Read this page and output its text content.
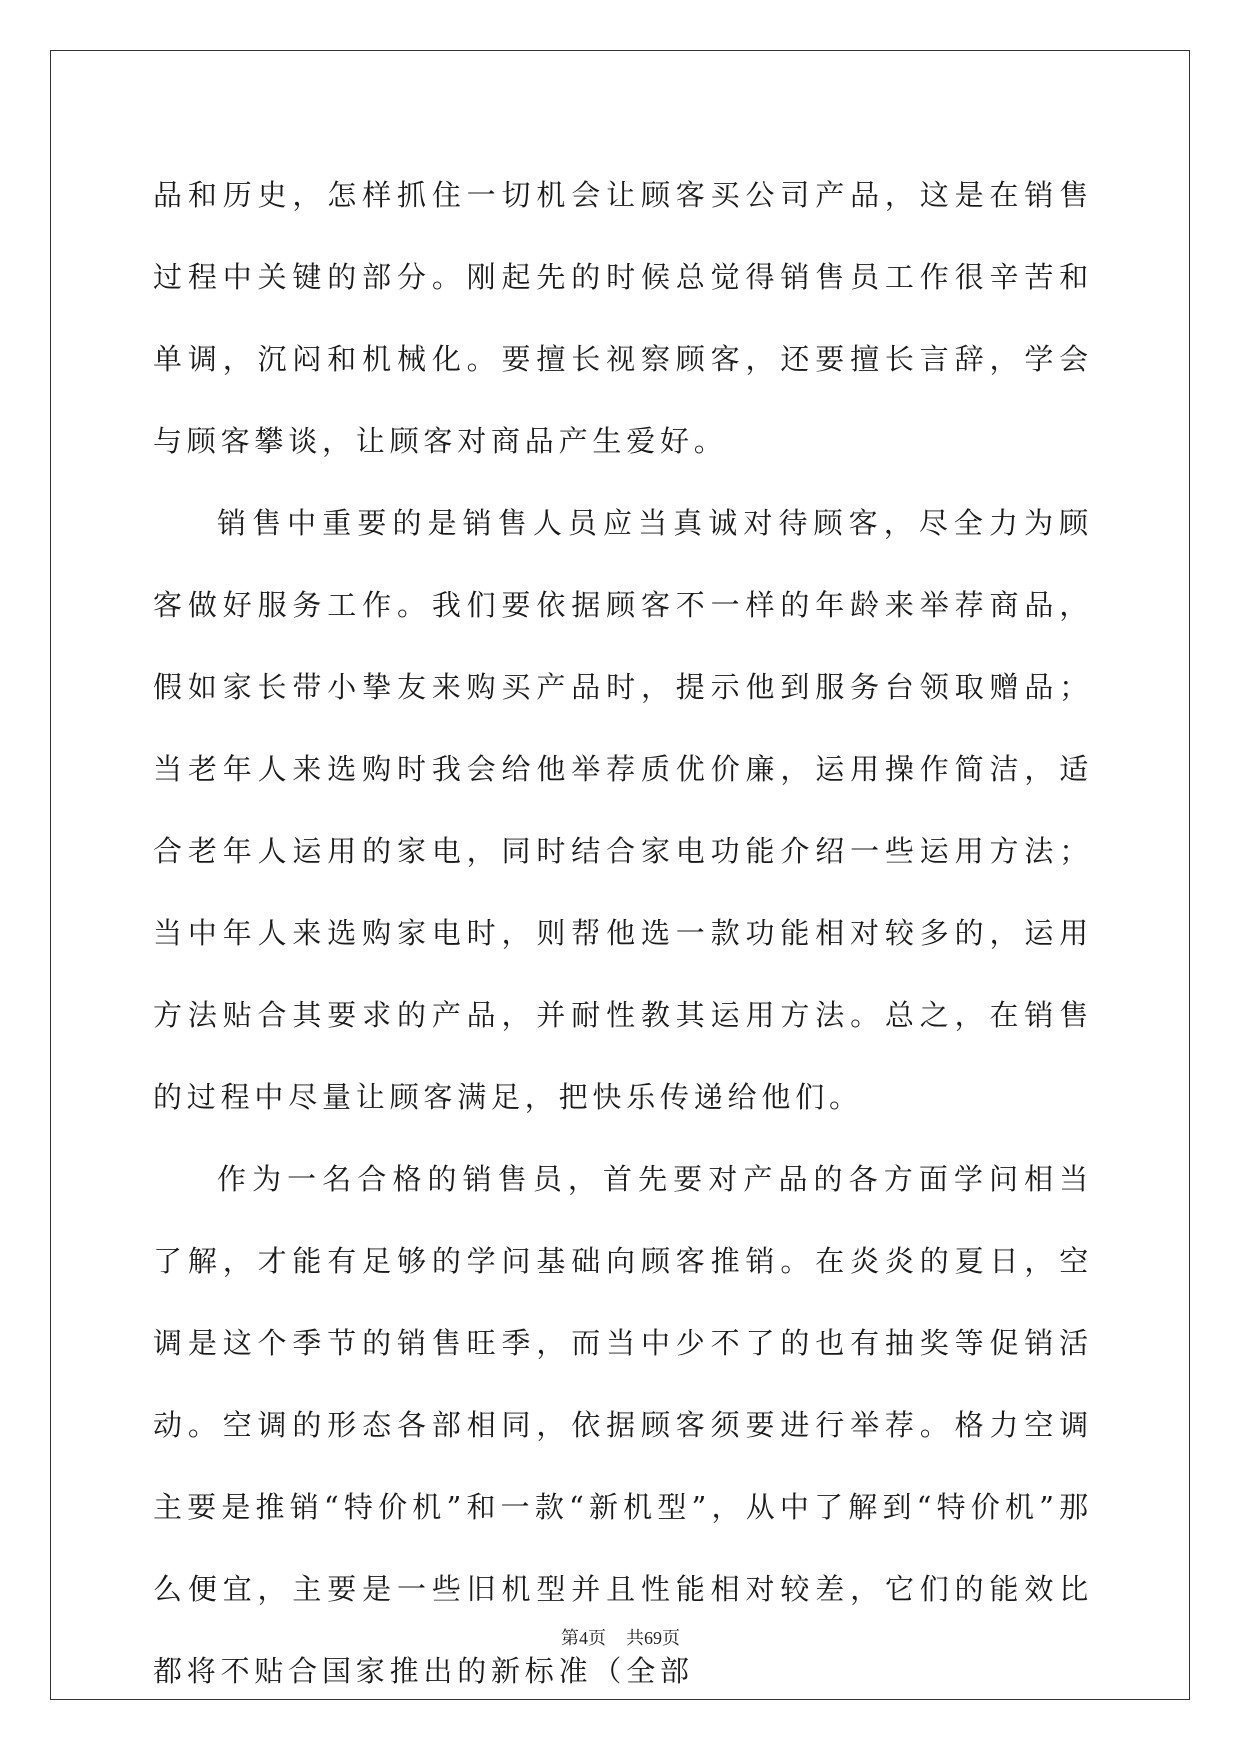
品和历史，怎样抓住一切机会让顾客买公司产品，这是在销售过程中关键的部分。刚起先的时候总觉得销售员工作很辛苦和单调，沉闷和机械化。要擅长视察顾客，还要擅长言辞，学会与顾客攀谈，让顾客对商品产生爱好。

销售中重要的是销售人员应当真诚对待顾客，尽全力为顾客做好服务工作。我们要依据顾客不一样的年龄来举荐商品，假如家长带小挚友来购买产品时，提示他到服务台领取赠品；当老年人来选购时我会给他举荐质优价廉，运用操作简洁，适合老年人运用的家电，同时结合家电功能介绍一些运用方法；当中年人来选购家电时，则帮他选一款功能相对较多的，运用方法贴合其要求的产品，并耐性教其运用方法。总之，在销售的过程中尽量让顾客满足，把快乐传递给他们。

作为一名合格的销售员，首先要对产品的各方面学问相当了解，才能有足够的学问基础向顾客推销。在炎炎的夏日，空调是这个季节的销售旺季，而当中少不了的也有抽奖等促销活动。空调的形态各部相同，依据顾客须要进行举荐。格力空调主要是推销“特价机”和一款“新机型”，从中了解到“特价机”那么便宜，主要是一些旧机型并且性能相对较差，它们的能效比都将不贴合国家推出的新标准（全部

第4页 共69页
